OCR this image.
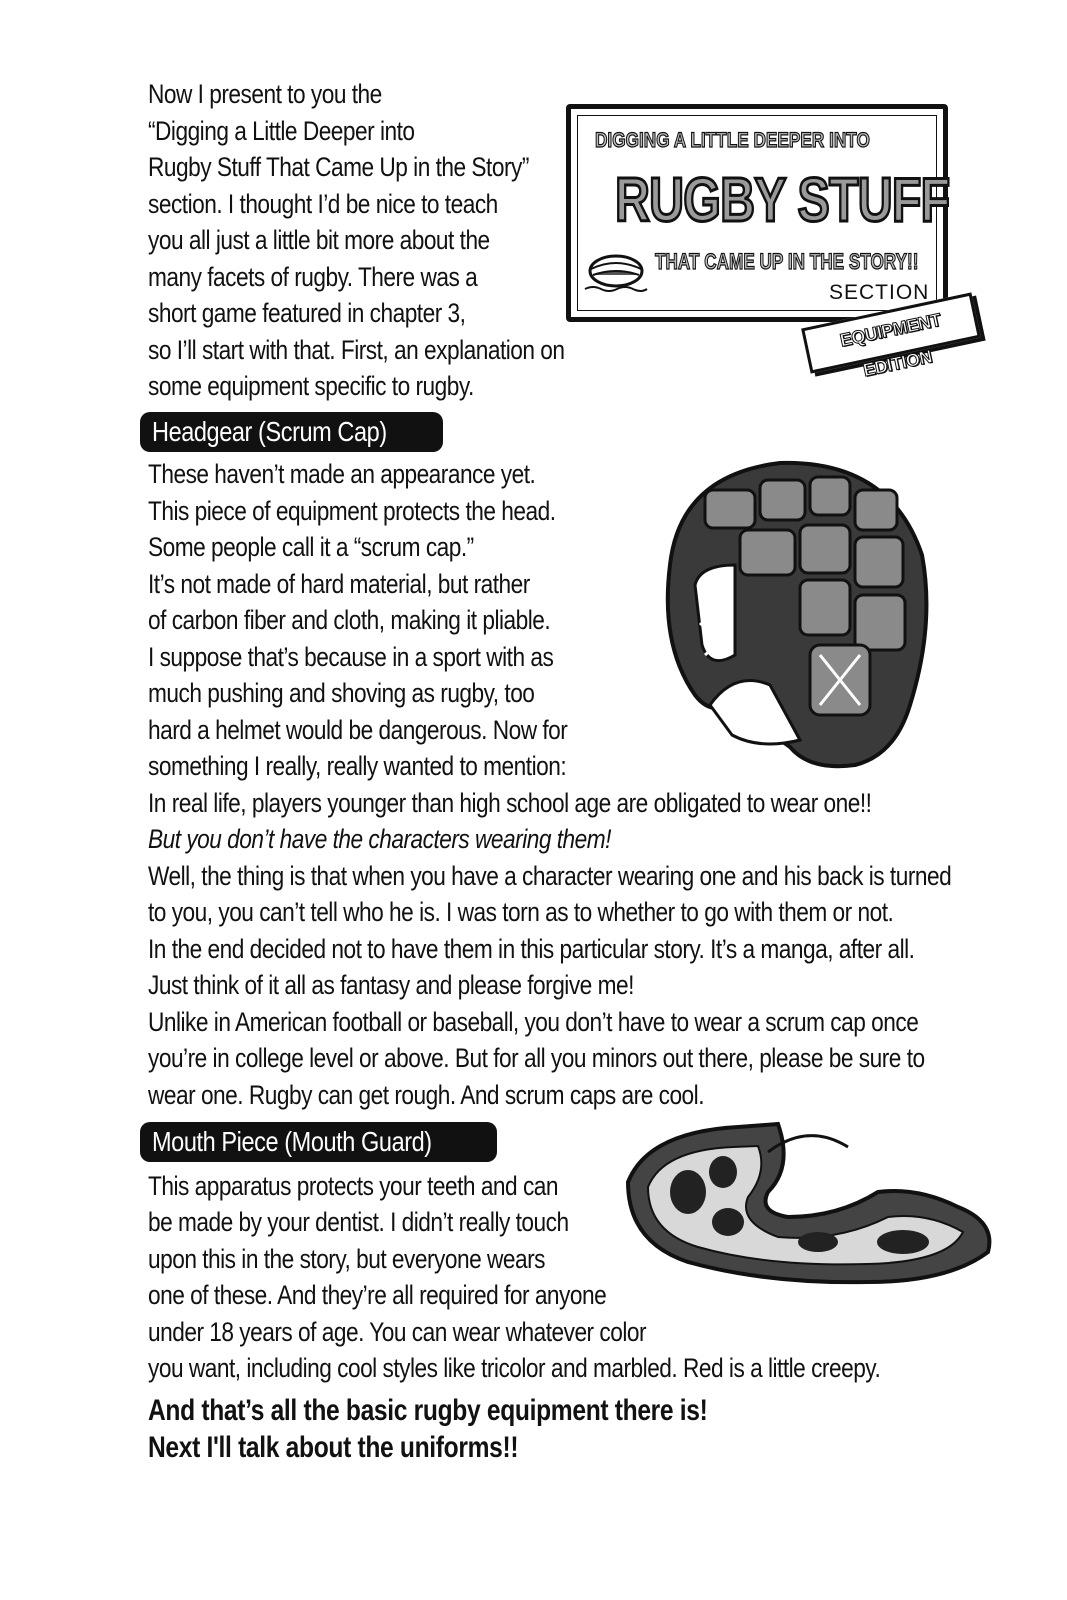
DIGGING A LITTLE DEEPER INTO
RUGBY STUFF
THAT CAME UP IN THE STORY!!
SECTION
EQUIPMENT EDITION
Now I present to you the
“Digging a Little Deeper into
Rugby Stuff That Came Up in the Story”
section. I thought I’d be nice to teach
you all just a little bit more about the
many facets of rugby. There was a
short game featured in chapter 3,
so I’ll start with that. First, an explanation on
some equipment specific to rugby.
Headgear (Scrum Cap)
These haven’t made an appearance yet.
This piece of equipment protects the head.
Some people call it a “scrum cap.”
It’s not made of hard material, but rather
of carbon fiber and cloth, making it pliable.
I suppose that’s because in a sport with as
much pushing and shoving as rugby, too
hard a helmet would be dangerous. Now for
something I really, really wanted to mention:
In real life, players younger than high school age are obligated to wear one!!
But you don’t have the characters wearing them!
Well, the thing is that when you have a character wearing one and his back is turned
to you, you can’t tell who he is. I was torn as to whether to go with them or not.
In the end decided not to have them in this particular story. It’s a manga, after all.
Just think of it all as fantasy and please forgive me!
Unlike in American football or baseball, you don’t have to wear a scrum cap once
you’re in college level or above. But for all you minors out there, please be sure to
wear one. Rugby can get rough. And scrum caps are cool.
Mouth Piece (Mouth Guard)
This apparatus protects your teeth and can
be made by your dentist. I didn’t really touch
upon this in the story, but everyone wears
one of these. And they’re all required for anyone
under 18 years of age. You can wear whatever color
you want, including cool styles like tricolor and marbled. Red is a little creepy.
And that’s all the basic rugby equipment there is!
Next I'll talk about the uniforms!!
